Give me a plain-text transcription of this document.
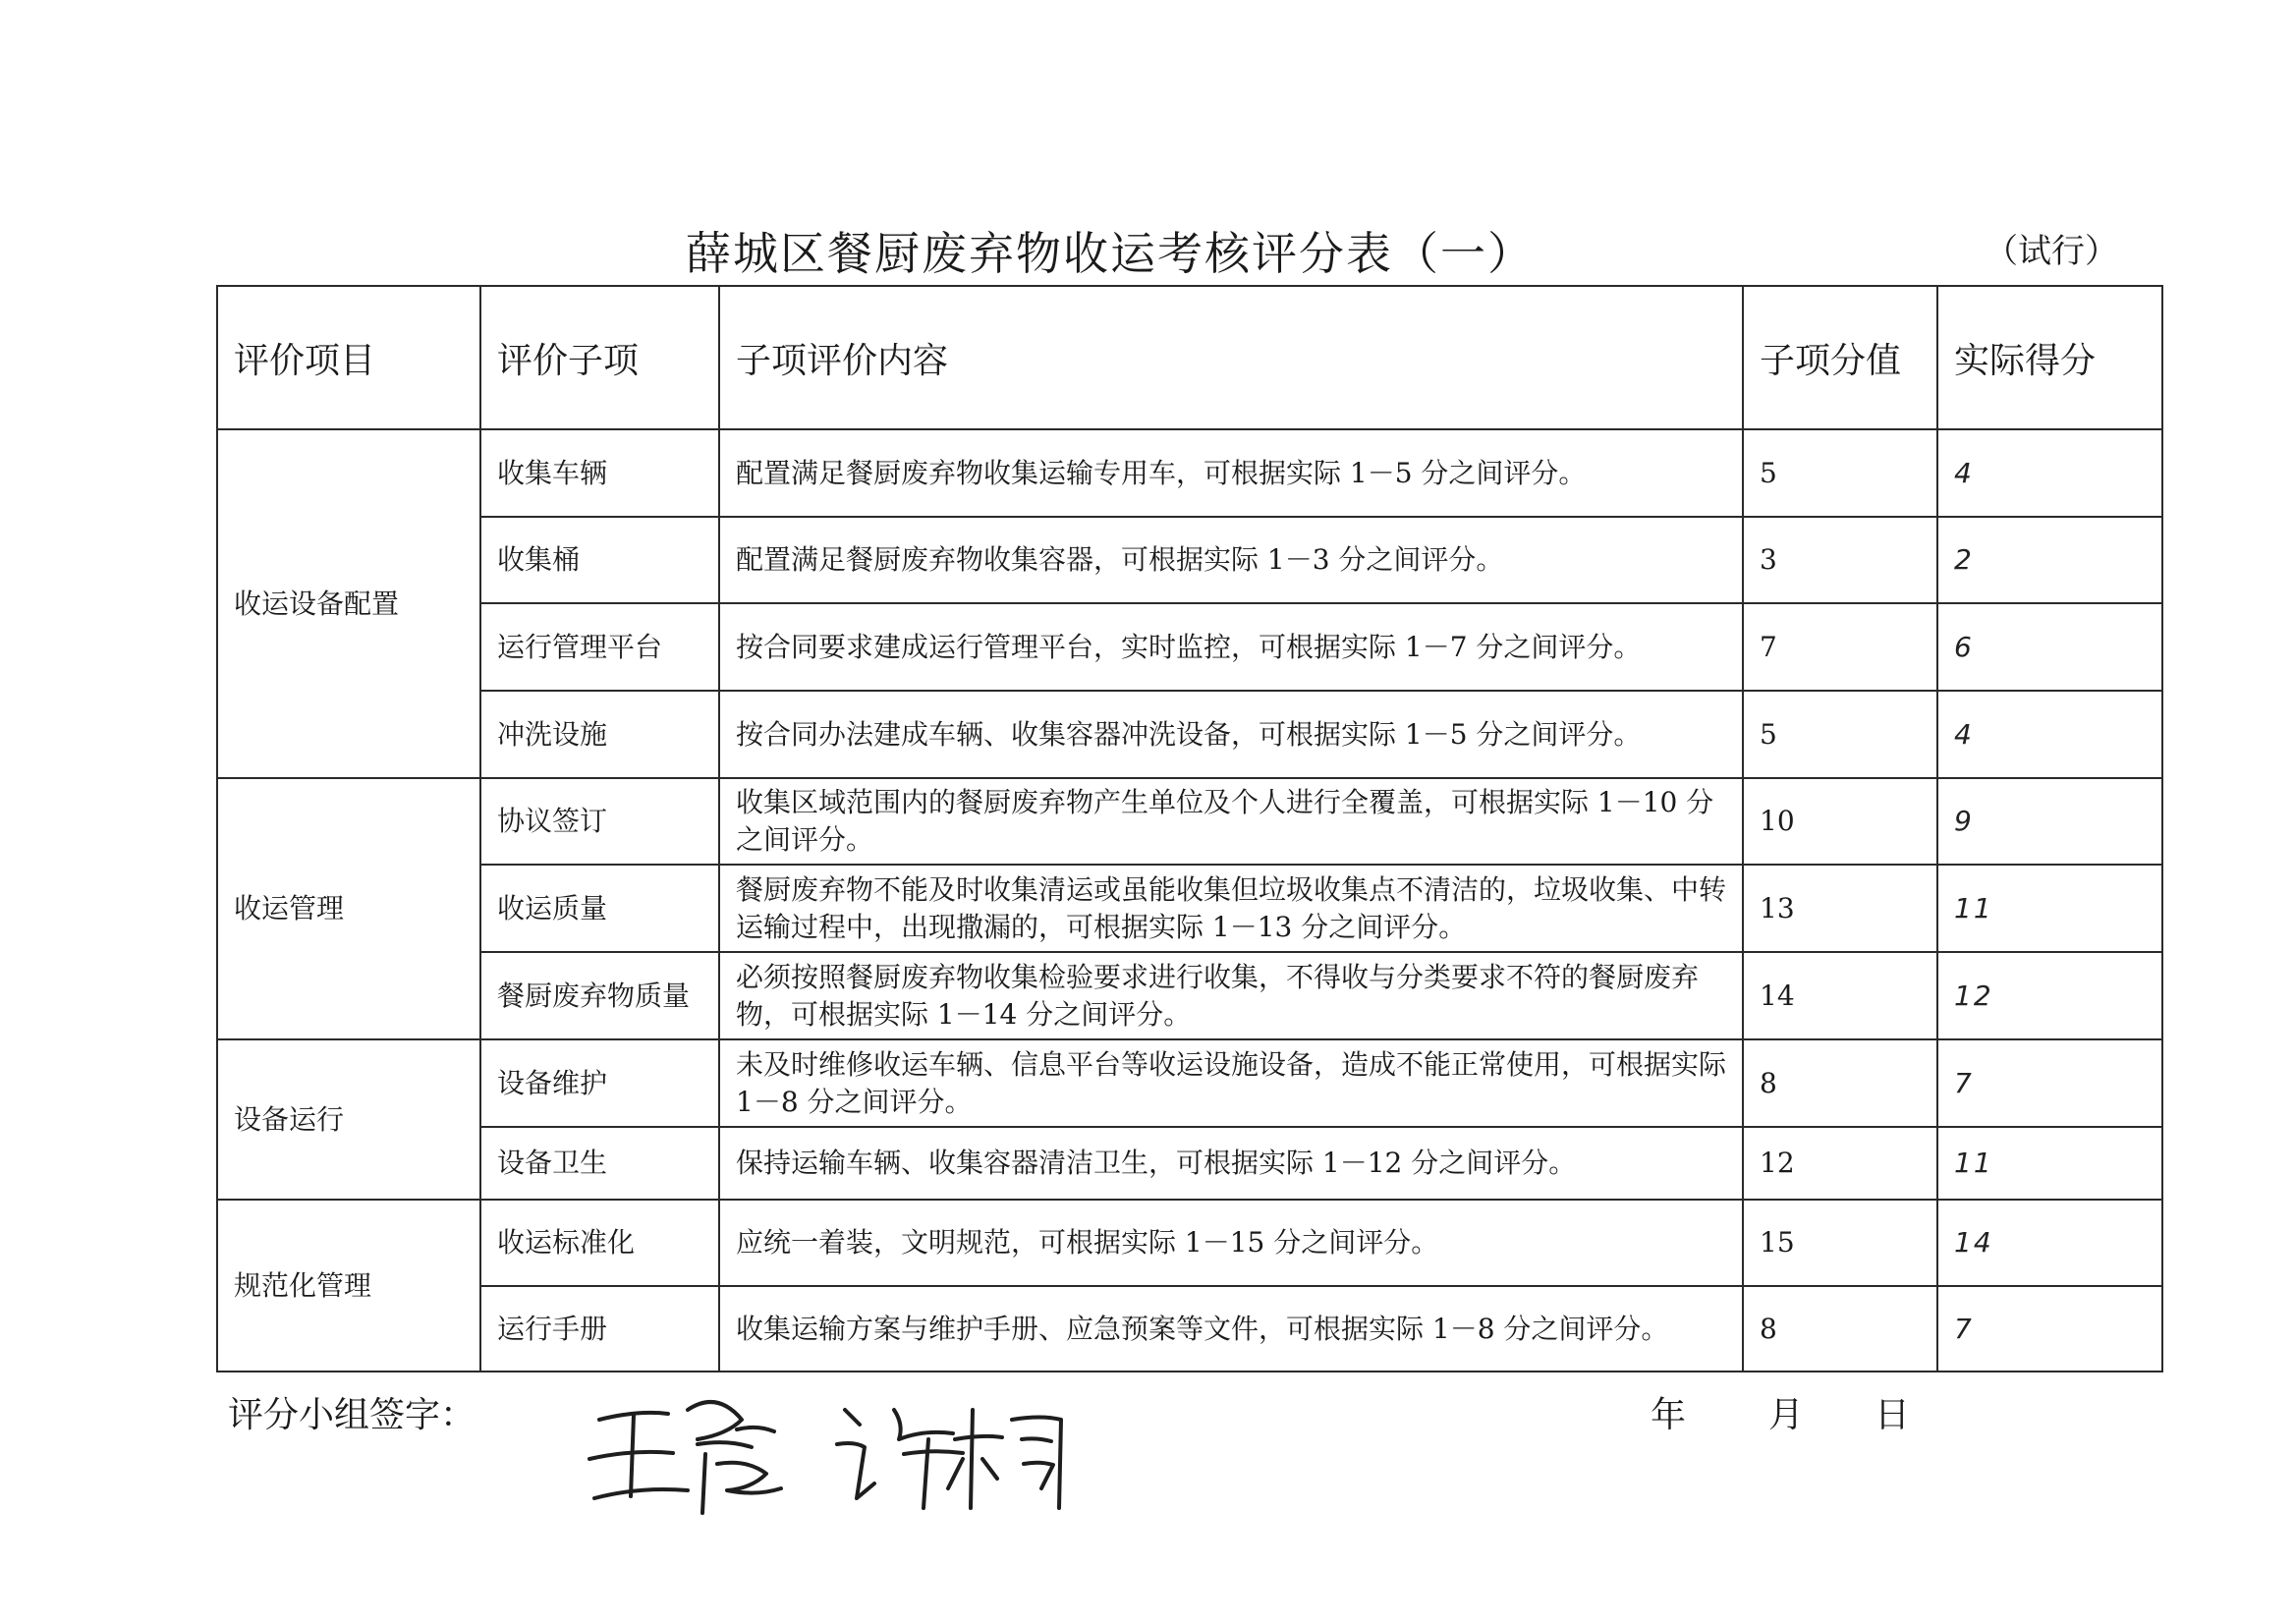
薛城区餐厨废弃物收运考核评分表（一）	（试行）
评价项目	评价子项	子项评价内容	子项分值	实际得分
收运设备配置	收集车辆	配置满足餐厨废弃物收集运输专用车，可根据实际 1－5 分之间评分。	5	4
	收集桶	配置满足餐厨废弃物收集容器，可根据实际 1－3 分之间评分。	3	2
	运行管理平台	按合同要求建成运行管理平台，实时监控，可根据实际 1－7 分之间评分。	7	6
	冲洗设施	按合同办法建成车辆、收集容器冲洗设备，可根据实际 1－5 分之间评分。	5	4
收运管理	协议签订	收集区域范围内的餐厨废弃物产生单位及个人进行全覆盖，可根据实际 1－10 分之间评分。	10	9
	收运质量	餐厨废弃物不能及时收集清运或虽能收集但垃圾收集点不清洁的，垃圾收集、中转运输过程中，出现撒漏的，可根据实际 1－13 分之间评分。	13	11
	餐厨废弃物质量	必须按照餐厨废弃物收集检验要求进行收集，不得收与分类要求不符的餐厨废弃物，可根据实际 1－14 分之间评分。	14	12
设备运行	设备维护	未及时维修收运车辆、信息平台等收运设施设备，造成不能正常使用，可根据实际 1－8 分之间评分。	8	7
	设备卫生	保持运输车辆、收集容器清洁卫生，可根据实际 1－12 分之间评分。	12	11
规范化管理	收运标准化	应统一着装，文明规范，可根据实际 1－15 分之间评分。	15	14
	运行手册	收集运输方案与维护手册、应急预案等文件，可根据实际 1－8 分之间评分。	8	7
评分小组签字：	年 月 日
